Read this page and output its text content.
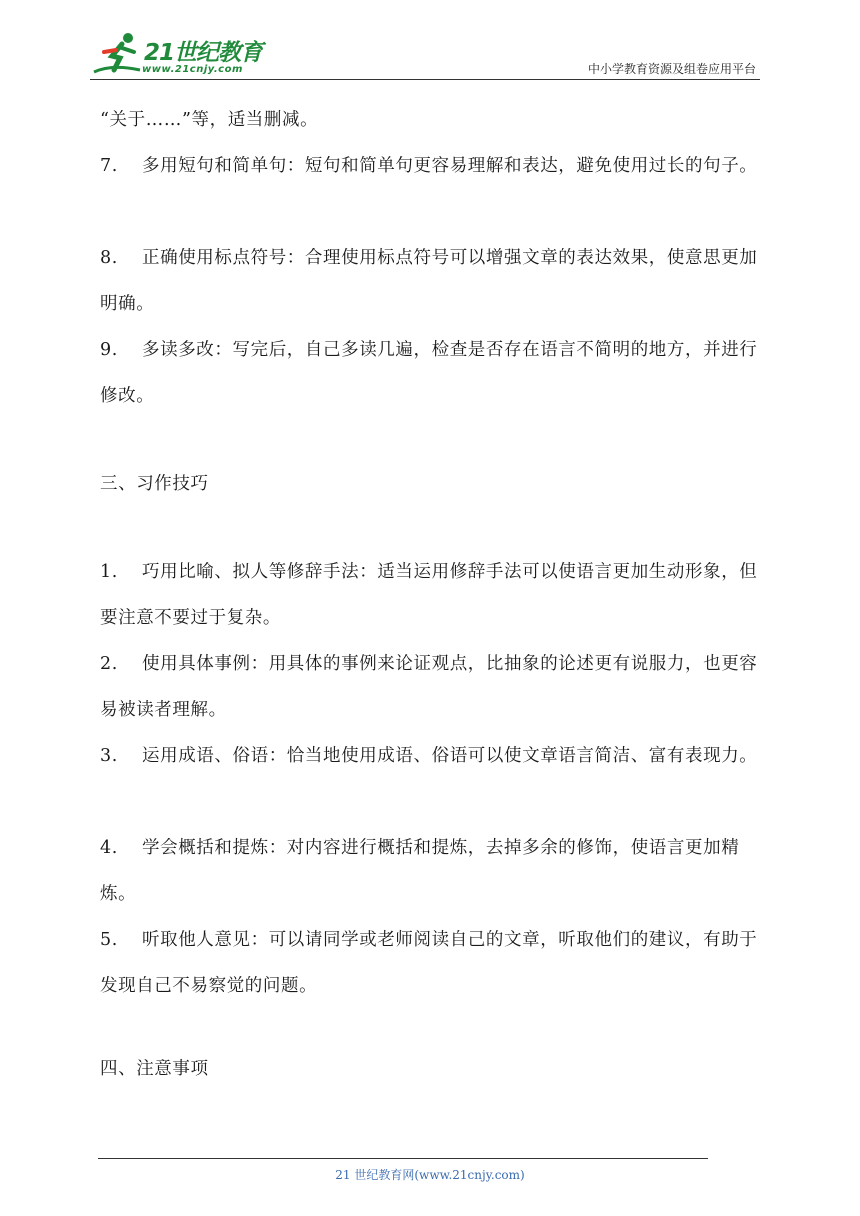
21世纪教育
www.21cnjy.com	中小学教育资源及组卷应用平台

“关于……”等，适当删减。

7. 多用短句和简单句：短句和简单句更容易理解和表达，避免使用过长的句子。

8. 正确使用标点符号：合理使用标点符号可以增强文章的表达效果，使意思更加明确。

9. 多读多改：写完后，自己多读几遍，检查是否存在语言不简明的地方，并进行修改。

三、习作技巧

1. 巧用比喻、拟人等修辞手法：适当运用修辞手法可以使语言更加生动形象，但要注意不要过于复杂。

2. 使用具体事例：用具体的事例来论证观点，比抽象的论述更有说服力，也更容易被读者理解。

3. 运用成语、俗语：恰当地使用成语、俗语可以使文章语言简洁、富有表现力。

4. 学会概括和提炼：对内容进行概括和提炼，去掉多余的修饰，使语言更加精炼。

5. 听取他人意见：可以请同学或老师阅读自己的文章，听取他们的建议，有助于发现自己不易察觉的问题。

四、注意事项

21 世纪教育网(www.21cnjy.com)
